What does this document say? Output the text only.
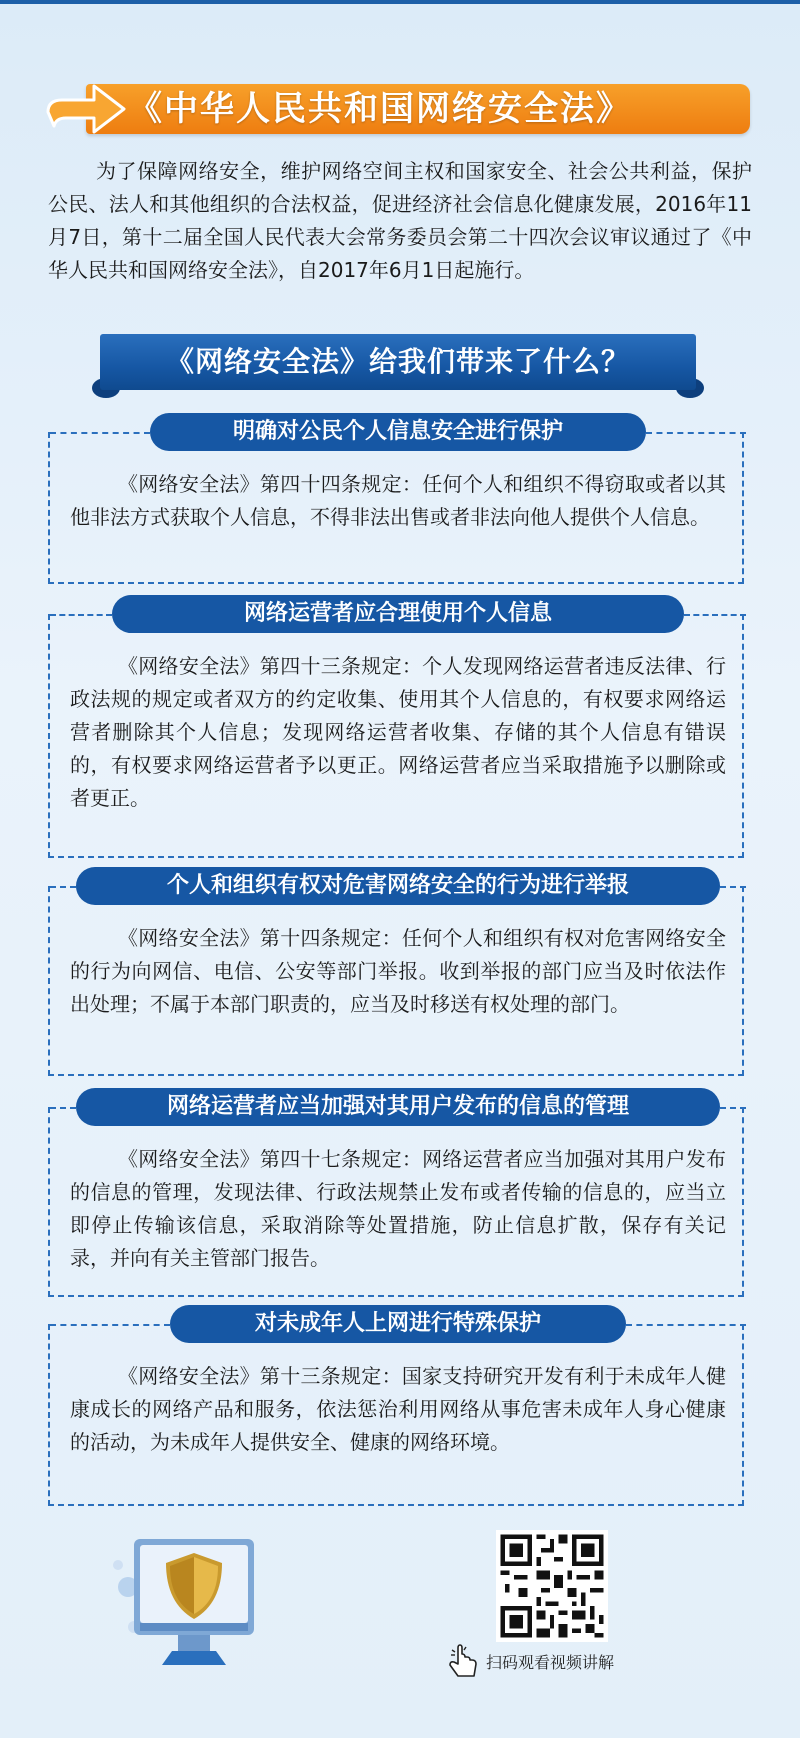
《中华人民共和国网络安全法》

为了保障网络安全，维护网络空间主权和国家安全、社会公共利益，保护公民、法人和其他组织的合法权益，促进经济社会信息化健康发展，2016年11月7日，第十二届全国人民代表大会常务委员会第二十四次会议审议通过了《中华人民共和国网络安全法》，自2017年6月1日起施行。

《网络安全法》给我们带来了什么？
明确对公民个人信息安全进行保护

《网络安全法》第四十四条规定：任何个人和组织不得窃取或者以其他非法方式获取个人信息，不得非法出售或者非法向他人提供个人信息。

网络运营者应合理使用个人信息

《网络安全法》第四十三条规定：个人发现网络运营者违反法律、行政法规的规定或者双方的约定收集、使用其个人信息的，有权要求网络运营者删除其个人信息；发现网络运营者收集、存储的其个人信息有错误的，有权要求网络运营者予以更正。网络运营者应当采取措施予以删除或者更正。

个人和组织有权对危害网络安全的行为进行举报

《网络安全法》第十四条规定：任何个人和组织有权对危害网络安全的行为向网信、电信、公安等部门举报。收到举报的部门应当及时依法作出处理；不属于本部门职责的，应当及时移送有权处理的部门。

网络运营者应当加强对其用户发布的信息的管理

《网络安全法》第四十七条规定：网络运营者应当加强对其用户发布的信息的管理，发现法律、行政法规禁止发布或者传输的信息的，应当立即停止传输该信息，采取消除等处置措施，防止信息扩散，保存有关记录，并向有关主管部门报告。

对未成年人上网进行特殊保护

《网络安全法》第十三条规定：国家支持研究开发有利于未成年人健康成长的网络产品和服务，依法惩治利用网络从事危害未成年人身心健康的活动，为未成年人提供安全、健康的网络环境。

扫码观看视频讲解
